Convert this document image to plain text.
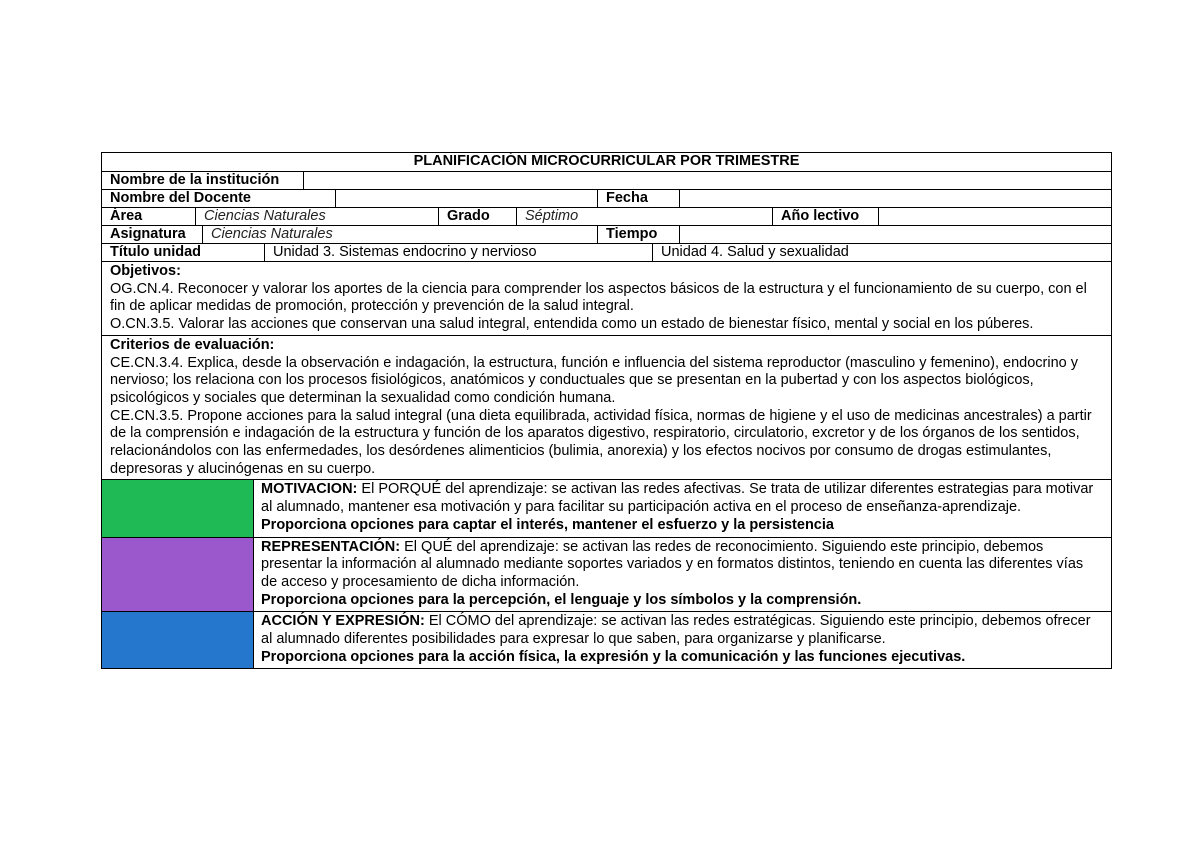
PLANIFICACIÓN MICROCURRICULAR POR TRIMESTRE
Nombre de la institución
Nombre del Docente	Fecha
Área	Ciencias Naturales	Grado	Séptimo	Año lectivo
Asignatura	Ciencias Naturales	Tiempo
Título unidad	Unidad 3. Sistemas endocrino y nervioso	Unidad 4. Salud y sexualidad

Objetivos:

OG.CN.4. Reconocer y valorar los aportes de la ciencia para comprender los aspectos básicos de la estructura y el funcionamiento de su cuerpo, con el fin de aplicar medidas de promoción, protección y prevención de la salud integral.

O.CN.3.5. Valorar las acciones que conservan una salud integral, entendida como un estado de bienestar físico, mental y social en los púberes.

Criterios de evaluación:

CE.CN.3.4. Explica, desde la observación e indagación, la estructura, función e influencia del sistema reproductor (masculino y femenino), endocrino y nervioso; los relaciona con los procesos fisiológicos, anatómicos y conductuales que se presentan en la pubertad y con los aspectos biológicos, psicológicos y sociales que determinan la sexualidad como condición humana.

CE.CN.3.5. Propone acciones para la salud integral (una dieta equilibrada, actividad física, normas de higiene y el uso de medicinas ancestrales) a partir de la comprensión e indagación de la estructura y función de los aparatos digestivo, respiratorio, circulatorio, excretor y de los órganos de los sentidos, relacionándolos con las enfermedades, los desórdenes alimenticios (bulimia, anorexia) y los efectos nocivos por consumo de drogas estimulantes, depresoras y alucinógenas en su cuerpo.

MOTIVACION: El PORQUÉ del aprendizaje: se activan las redes afectivas. Se trata de utilizar diferentes estrategias para motivar al alumnado, mantener esa motivación y para facilitar su participación activa en el proceso de enseñanza-aprendizaje.

Proporciona opciones para captar el interés, mantener el esfuerzo y la persistencia

REPRESENTACIÓN: El QUÉ del aprendizaje: se activan las redes de reconocimiento. Siguiendo este principio, debemos presentar la información al alumnado mediante soportes variados y en formatos distintos, teniendo en cuenta las diferentes vías de acceso y procesamiento de dicha información.

Proporciona opciones para la percepción, el lenguaje y los símbolos y la comprensión.

ACCIÓN Y EXPRESIÓN: El CÓMO del aprendizaje: se activan las redes estratégicas. Siguiendo este principio, debemos ofrecer al alumnado diferentes posibilidades para expresar lo que saben, para organizarse y planificarse.

Proporciona opciones para la acción física, la expresión y la comunicación y las funciones ejecutivas.
